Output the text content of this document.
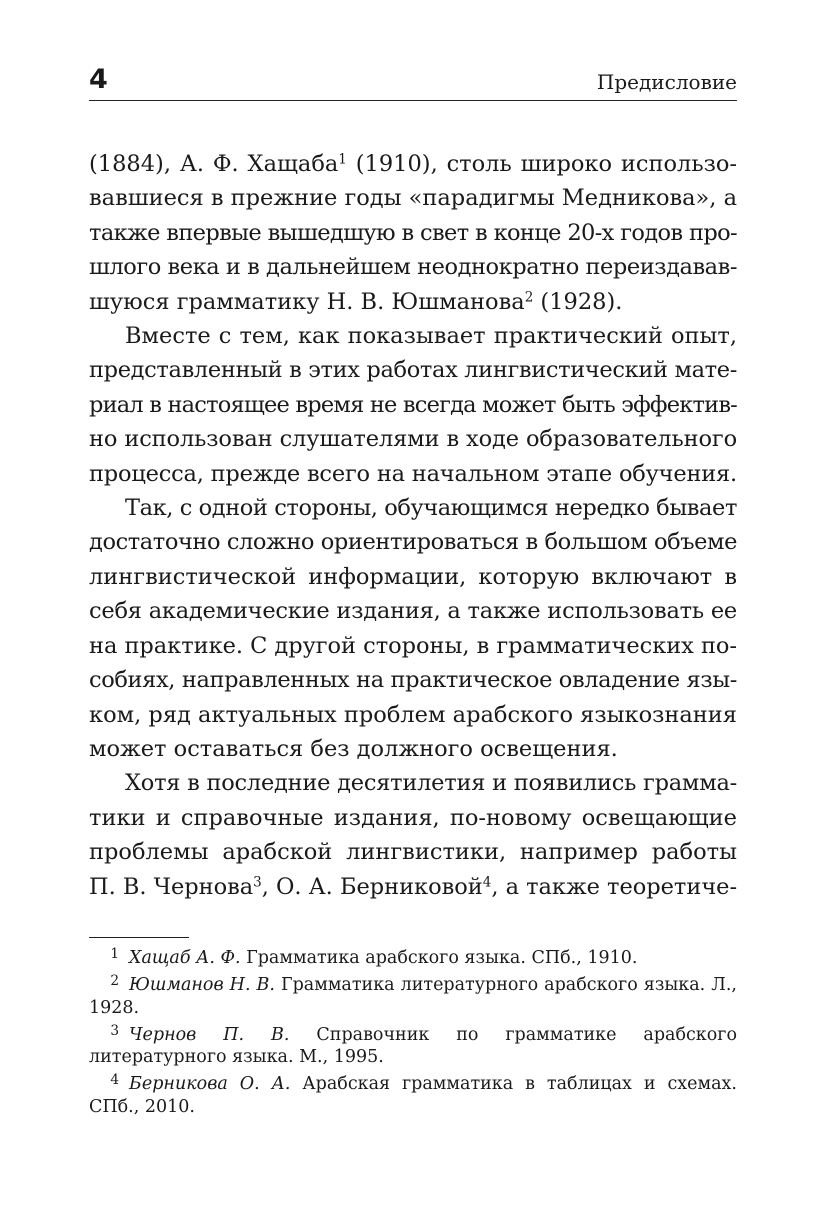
4	Предисловие
(1884), А. Ф. Хащаба$^1$ (1910), столь широко использо-
вавшиеся в прежние годы «парадигмы Медникова», а
также впервые вышедшую в свет в конце 20-х годов про-
шлого века и в дальнейшем неоднократно переиздавав-
шуюся грамматику Н. В. Юшманова$^2$ (1928).
Вместе с тем, как показывает практический опыт,
представленный в этих работах лингвистический мате-
риал в настоящее время не всегда может быть эффектив-
но использован слушателями в ходе образовательного
процесса, прежде всего на начальном этапе обучения.
Так, с одной стороны, обучающимся нередко бывает
достаточно сложно ориентироваться в большом объеме
лингвистической информации, которую включают в
себя академические издания, а также использовать ее
на практике. С другой стороны, в грамматических по-
собиях, направленных на практическое овладение язы-
ком, ряд актуальных проблем арабского языкознания
может оставаться без должного освещения.
Хотя в последние десятилетия и появились грамма-
тики и справочные издания, по-новому освещающие
проблемы арабской лингвистики, например работы
П. В. Чернова$^3$, О. А. Берниковой$^4$, а также теоретиче-

1 Хащаб А. Ф. Грамматика арабского языка. СПб., 1910.

2 Юшманов Н. В. Грамматика литературного арабского языка. Л., 1928.

3 Чернов П. В. Справочник по грамматике арабского литературного языка. М., 1995.

4 Берникова О. А. Арабская грамматика в таблицах и схемах. СПб., 2010.
